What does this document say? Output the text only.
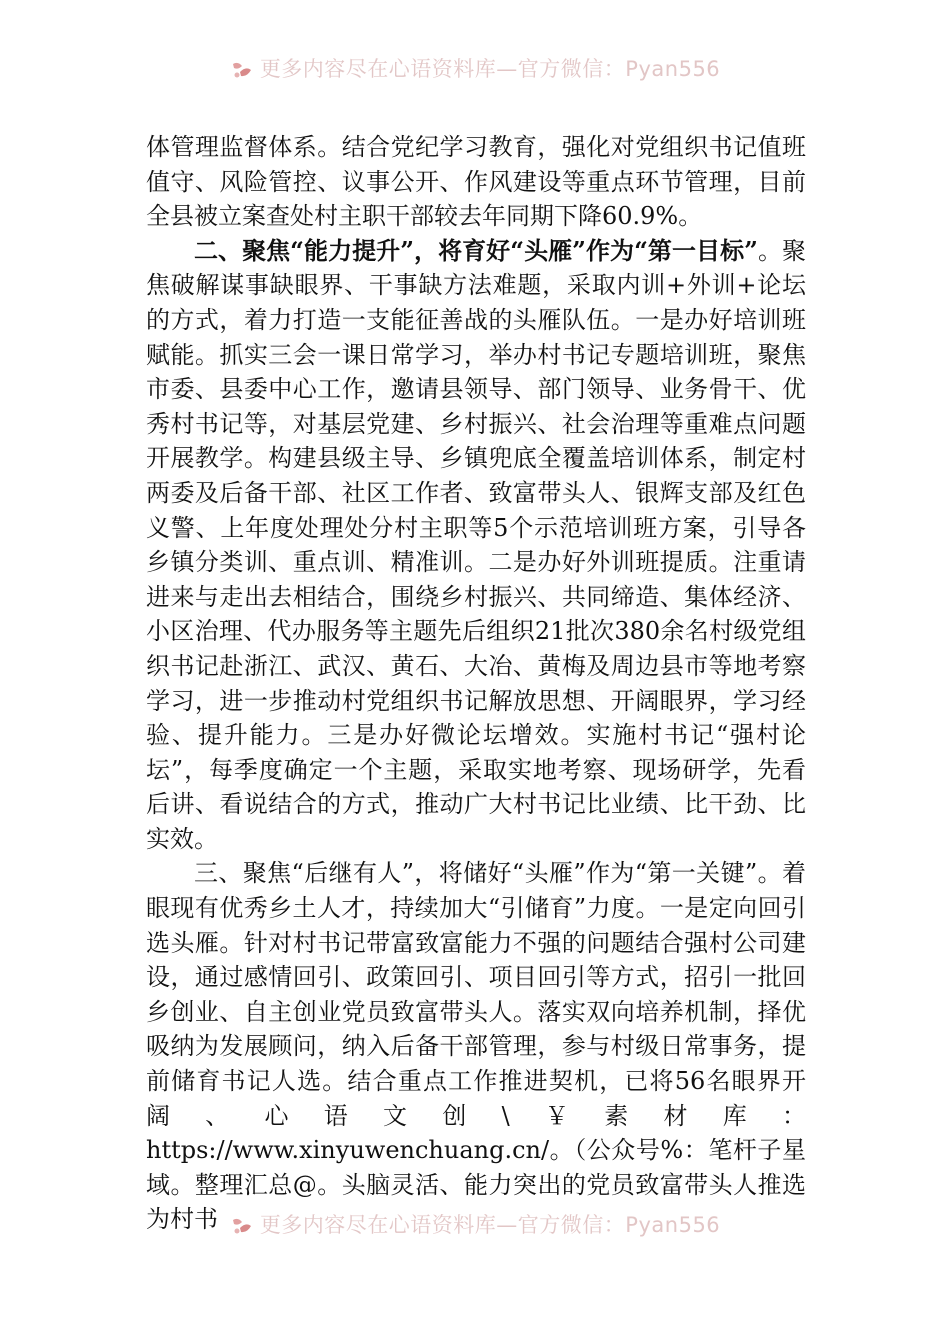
更多内容尽在心语资料库—官方微信：Pyan556

体管理监督体系。结合党纪学习教育，强化对党组织书记值班值守、风险管控、议事公开、作风建设等重点环节管理，目前全县被立案查处村主职干部较去年同期下降60.9%。

二、聚焦“能力提升”，将育好“头雁”作为“第一目标”。聚焦破解谋事缺眼界、干事缺方法难题，采取内训+外训+论坛的方式，着力打造一支能征善战的头雁队伍。一是办好培训班赋能。抓实三会一课日常学习，举办村书记专题培训班，聚焦市委、县委中心工作，邀请县领导、部门领导、业务骨干、优秀村书记等，对基层党建、乡村振兴、社会治理等重难点问题开展教学。构建县级主导、乡镇兜底全覆盖培训体系，制定村两委及后备干部、社区工作者、致富带头人、银辉支部及红色义警、上年度处理处分村主职等5个示范培训班方案，引导各乡镇分类训、重点训、精准训。二是办好外训班提质。注重请进来与走出去相结合，围绕乡村振兴、共同缔造、集体经济、小区治理、代办服务等主题先后组织21批次380余名村级党组织书记赴浙江、武汉、黄石、大冶、黄梅及周边县市等地考察学习，进一步推动村党组织书记解放思想、开阔眼界，学习经验、提升能力。三是办好微论坛增效。实施村书记“强村论坛”，每季度确定一个主题，采取实地考察、现场研学，先看后讲、看说结合的方式，推动广大村书记比业绩、比干劲、比实效。

三、聚焦“后继有人”，将储好“头雁”作为“第一关键”。着眼现有优秀乡土人才，持续加大“引储育”力度。一是定向回引选头雁。针对村书记带富致富能力不强的问题结合强村公司建设，通过感情回引、政策回引、项目回引等方式，招引一批回乡创业、自主创业党员致富带头人。落实双向培养机制，择优吸纳为发展顾问，纳入后备干部管理，参与村级日常事务，提前储育书记人选。结合重点工作推进契机，已将56名眼界开阔、心语文创\￥素材库：https://www.xinyuwenchuang.cn/。（公众号%：笔杆子星域。整理汇总@。头脑灵活、能力突出的党员致富带头人推选为村书	更多内容尽在心语资料库—官方微信：Pyan556
